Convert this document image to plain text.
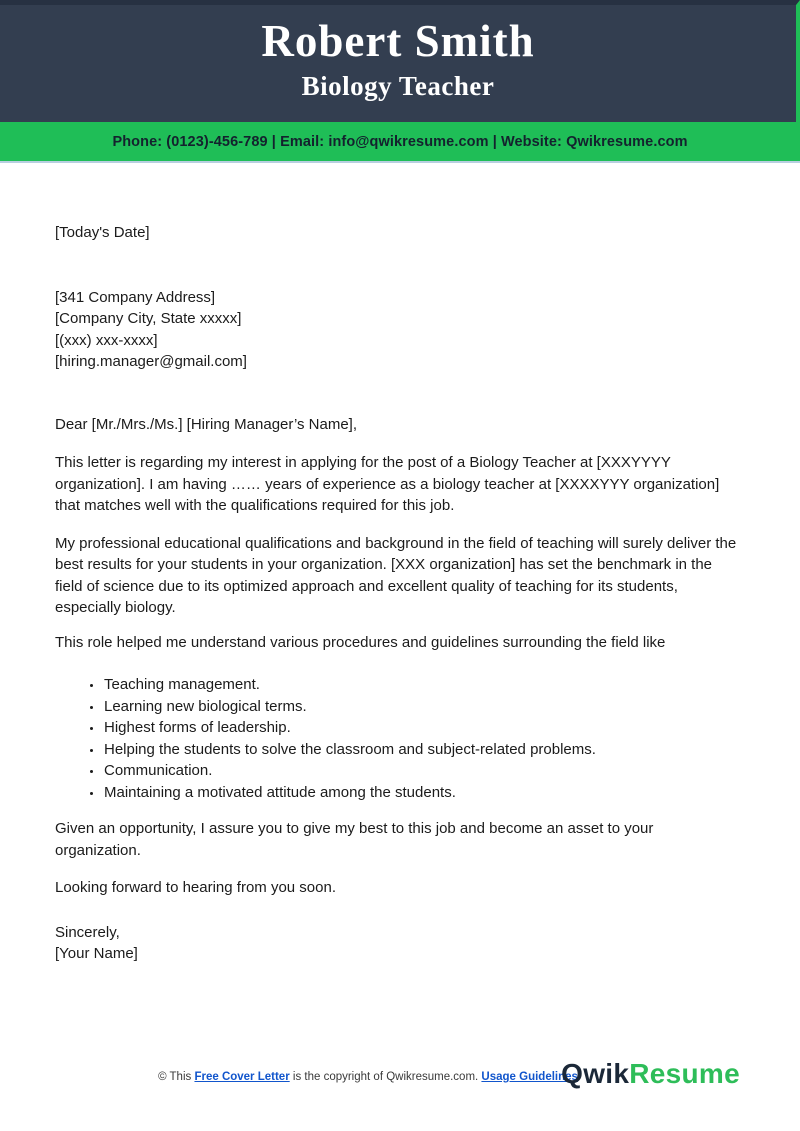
Robert Smith
Biology Teacher
Phone: (0123)-456-789 | Email: info@qwikresume.com | Website: Qwikresume.com

[Today's Date]

[341 Company Address]
[Company City, State xxxxx]
[(xxx) xxx-xxxx]
[hiring.manager@gmail.com]

Dear [Mr./Mrs./Ms.] [Hiring Manager’s Name],

This letter is regarding my interest in applying for the post of a Biology Teacher at [XXXYYYY organization]. I am having …… years of experience as a biology teacher at [XXXXYYY organization] that matches well with the qualifications required for this job.

My professional educational qualifications and background in the field of teaching will surely deliver the best results for your students in your organization. [XXX organization] has set the benchmark in the field of science due to its optimized approach and excellent quality of teaching for its students, especially biology.

This role helped me understand various procedures and guidelines surrounding the field like

• Teaching management.
• Learning new biological terms.
• Highest forms of leadership.
• Helping the students to solve the classroom and subject-related problems.
• Communication.
• Maintaining a motivated attitude among the students.

Given an opportunity, I assure you to give my best to this job and become an asset to your organization.

Looking forward to hearing from you soon.

Sincerely,
[Your Name]

© This Free Cover Letter is the copyright of Qwikresume.com. Usage Guidelines
QwikResume
